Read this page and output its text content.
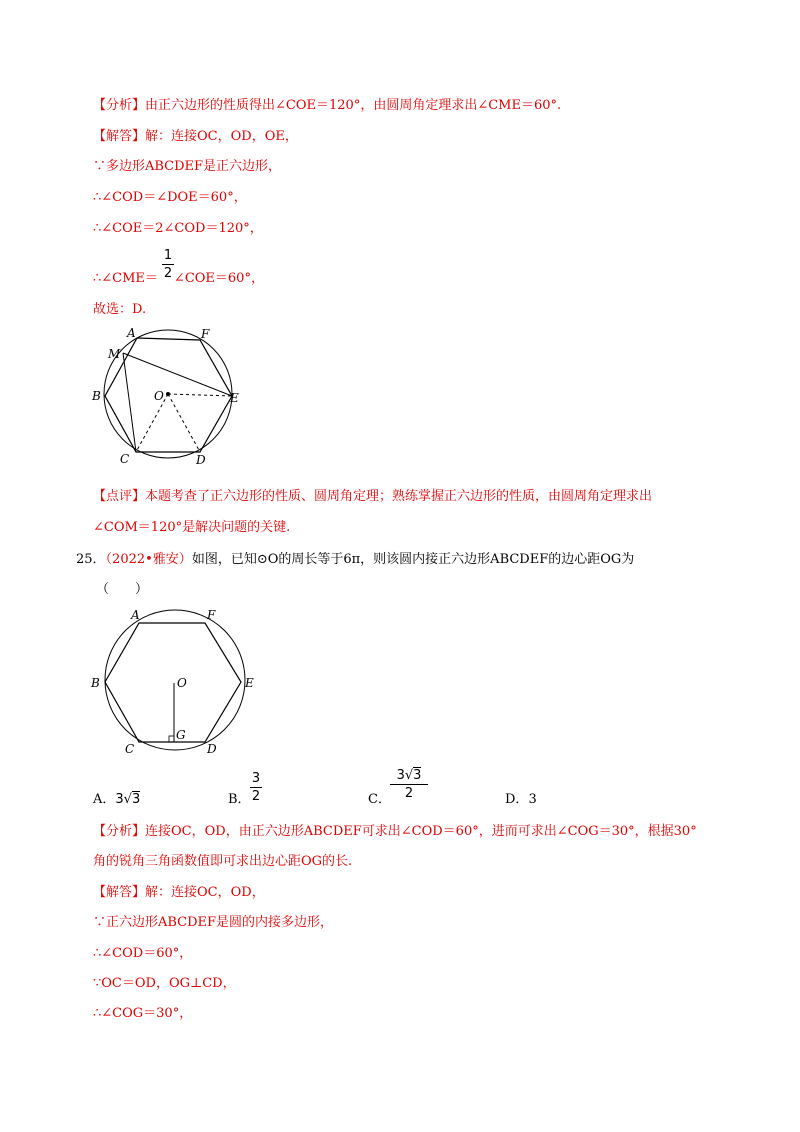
【分析】由正六边形的性质得出∠COE＝120°，由圆周角定理求出∠CME＝60°.
【解答】解：连接OC，OD，OE，
∵多边形ABCDEF是正六边形，
∴∠COD＝∠DOE＝60°，
∴∠COE＝2∠COD＝120°，
∴∠CME＝ ∠COE＝60°，
1
2
故选：D.
A	F
M
B	O	E
C	D
【点评】本题考查了正六边形的性质、圆周角定理；熟练掌握正六边形的性质，由圆周角定理求出
∠COM＝120°是解决问题的关键.
25．（2022•雅安）如图，已知⊙O的周长等于6π，则该圆内接正六边形ABCDEF的边心距OG为
（　　）
A	F
B	O	E
G
C	D
A．3√3	B．
3
2	C．
3√3
2	D．3
【分析】连接OC，OD，由正六边形ABCDEF可求出∠COD＝60°，进而可求出∠COG＝30°，根据30°
角的锐角三角函数值即可求出边心距OG的长.
【解答】解：连接OC，OD，
∵正六边形ABCDEF是圆的内接多边形，
∴∠COD＝60°，
∵OC＝OD，OG⊥CD，
∴∠COG＝30°，
